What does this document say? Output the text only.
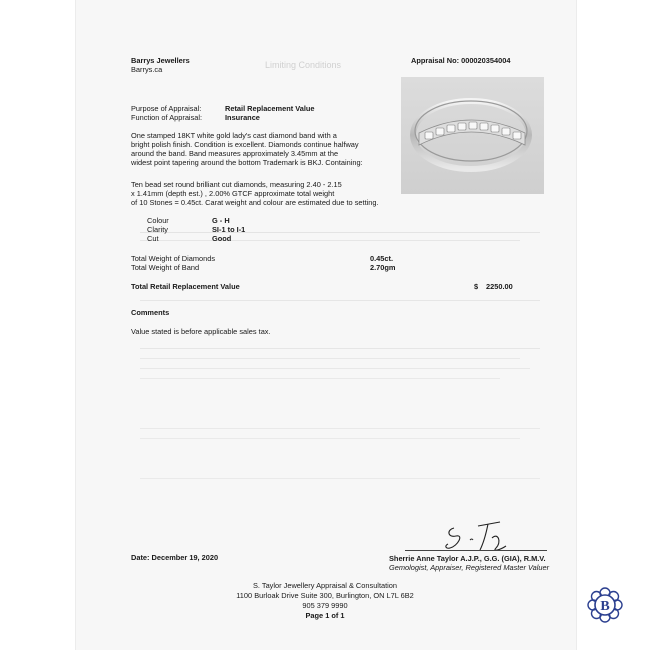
Limiting Conditions
Barrys Jewellers
Barrys.ca
Appraisal No: 000020354004
Purpose of Appraisal:	Retail Replacement Value
Function of Appraisal:	Insurance
One stamped 18KT white gold lady's cast diamond band with a
bright polish finish. Condition is excellent. Diamonds continue halfway
around the band. Band measures approximately 3.45mm at the
widest point tapering around the bottom Trademark is BKJ. Containing:
Ten bead set round brilliant cut diamonds, measuring 2.40 - 2.15
x 1.41mm (depth est.) , 2.00% GTCF approximate total weight
of 10 Stones = 0.45ct. Carat weight and colour are estimated due to setting.
Colour	G - H
Clarity	SI-1 to I-1
Cut	Good
Total Weight of Diamonds	0.45ct.
Total Weight of Band	2.70gm
Total Retail Replacement Value	$ 2250.00
Comments
Value stated is before applicable sales tax.
Date: December 19, 2020	Sherrie Anne Taylor A.J.P., G.G. (GIA), R.M.V.
Gemologist, Appraiser, Registered Master Valuer
S. Taylor Jewellery Appraisal & Consultation
1100 Burloak Drive Suite 300, Burlington, ON L7L 6B2
905 379 9990
Page 1 of 1
B
